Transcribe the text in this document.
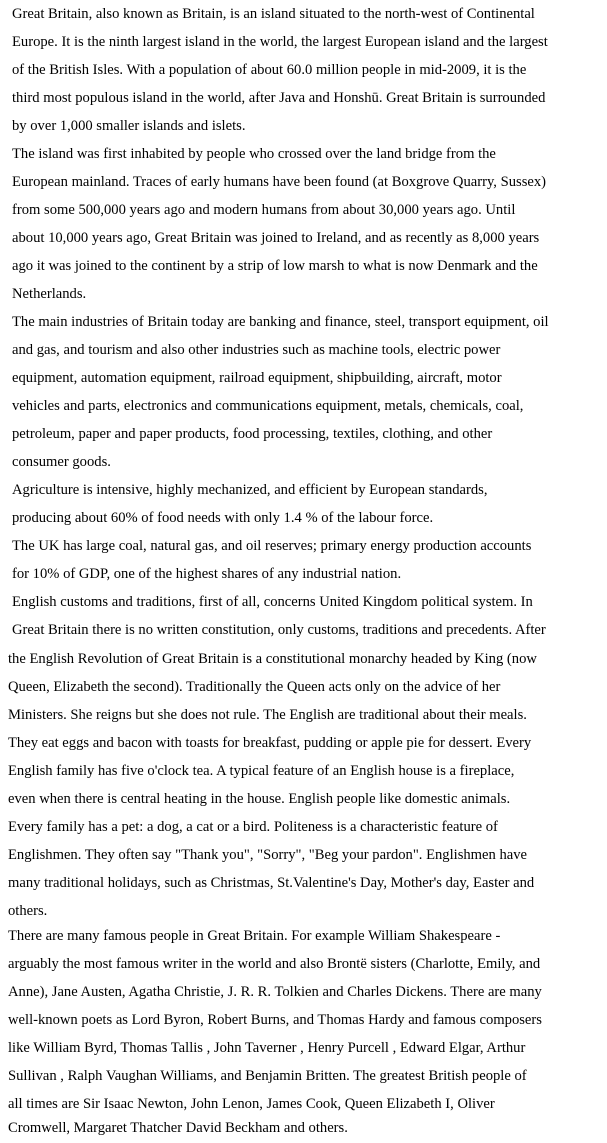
Great Britain, also known as Britain, is an island situated to the north-west of Continental
Europe. It is the ninth largest island in the world, the largest European island and the largest
of the British Isles. With a population of about 60.0 million people in mid-2009, it is the
third most populous island in the world, after Java and Honshū. Great Britain is surrounded
by over 1,000 smaller islands and islets.
The island was first inhabited by people who crossed over the land bridge from the
European mainland. Traces of early humans have been found (at Boxgrove Quarry, Sussex)
from some 500,000 years ago and modern humans from about 30,000 years ago. Until
about 10,000 years ago, Great Britain was joined to Ireland, and as recently as 8,000 years
ago it was joined to the continent by a strip of low marsh to what is now Denmark and the
Netherlands.
The main industries of Britain today are banking and finance, steel, transport equipment, oil
and gas, and tourism and also other industries such as machine tools, electric power
equipment, automation equipment, railroad equipment, shipbuilding, aircraft, motor
vehicles and parts, electronics and communications equipment, metals, chemicals, coal,
petroleum, paper and paper products, food processing, textiles, clothing, and other
consumer goods.
Agriculture is intensive, highly mechanized, and efficient by European standards,
producing about 60% of food needs with only 1.4 % of the labour force.
The UK has large coal, natural gas, and oil reserves; primary energy production accounts
for 10% of GDP, one of the highest shares of any industrial nation.
English customs and traditions, first of all, concerns United Kingdom political system. In
Great Britain there is no written constitution, only customs, traditions and precedents. After
the English Revolution of Great Britain is a constitutional monarchy headed by King (now
Queen, Elizabeth the second). Traditionally the Queen acts only on the advice of her
Ministers. She reigns but she does not rule. The English are traditional about their meals.
They eat eggs and bacon with toasts for breakfast, pudding or apple pie for dessert. Every
English family has five o'clock tea. A typical feature of an English house is a fireplace,
even when there is central heating in the house. English people like domestic animals.
Every family has a pet: a dog, a cat or a bird. Politeness is a characteristic feature of
Englishmen. They often say "Thank you", "Sorry", "Beg your pardon". Englishmen have
many traditional holidays, such as Christmas, St.Valentine's Day, Mother's day, Easter and
others.
There are many famous people in Great Britain. For example William Shakespeare -
arguably the most famous writer in the world and also Brontë sisters (Charlotte, Emily, and
Anne), Jane Austen, Agatha Christie, J. R. R. Tolkien and Charles Dickens. There are many
well-known poets as Lord Byron, Robert Burns, and Thomas Hardy and famous composers
like William Byrd, Thomas Tallis , John Taverner , Henry Purcell , Edward Elgar, Arthur
Sullivan , Ralph Vaughan Williams, and Benjamin Britten. The greatest British people of
all times are Sir Isaac Newton, John Lenon, James Cook, Queen Elizabeth I, Oliver
Cromwell, Margaret Thatcher David Beckham and others.
